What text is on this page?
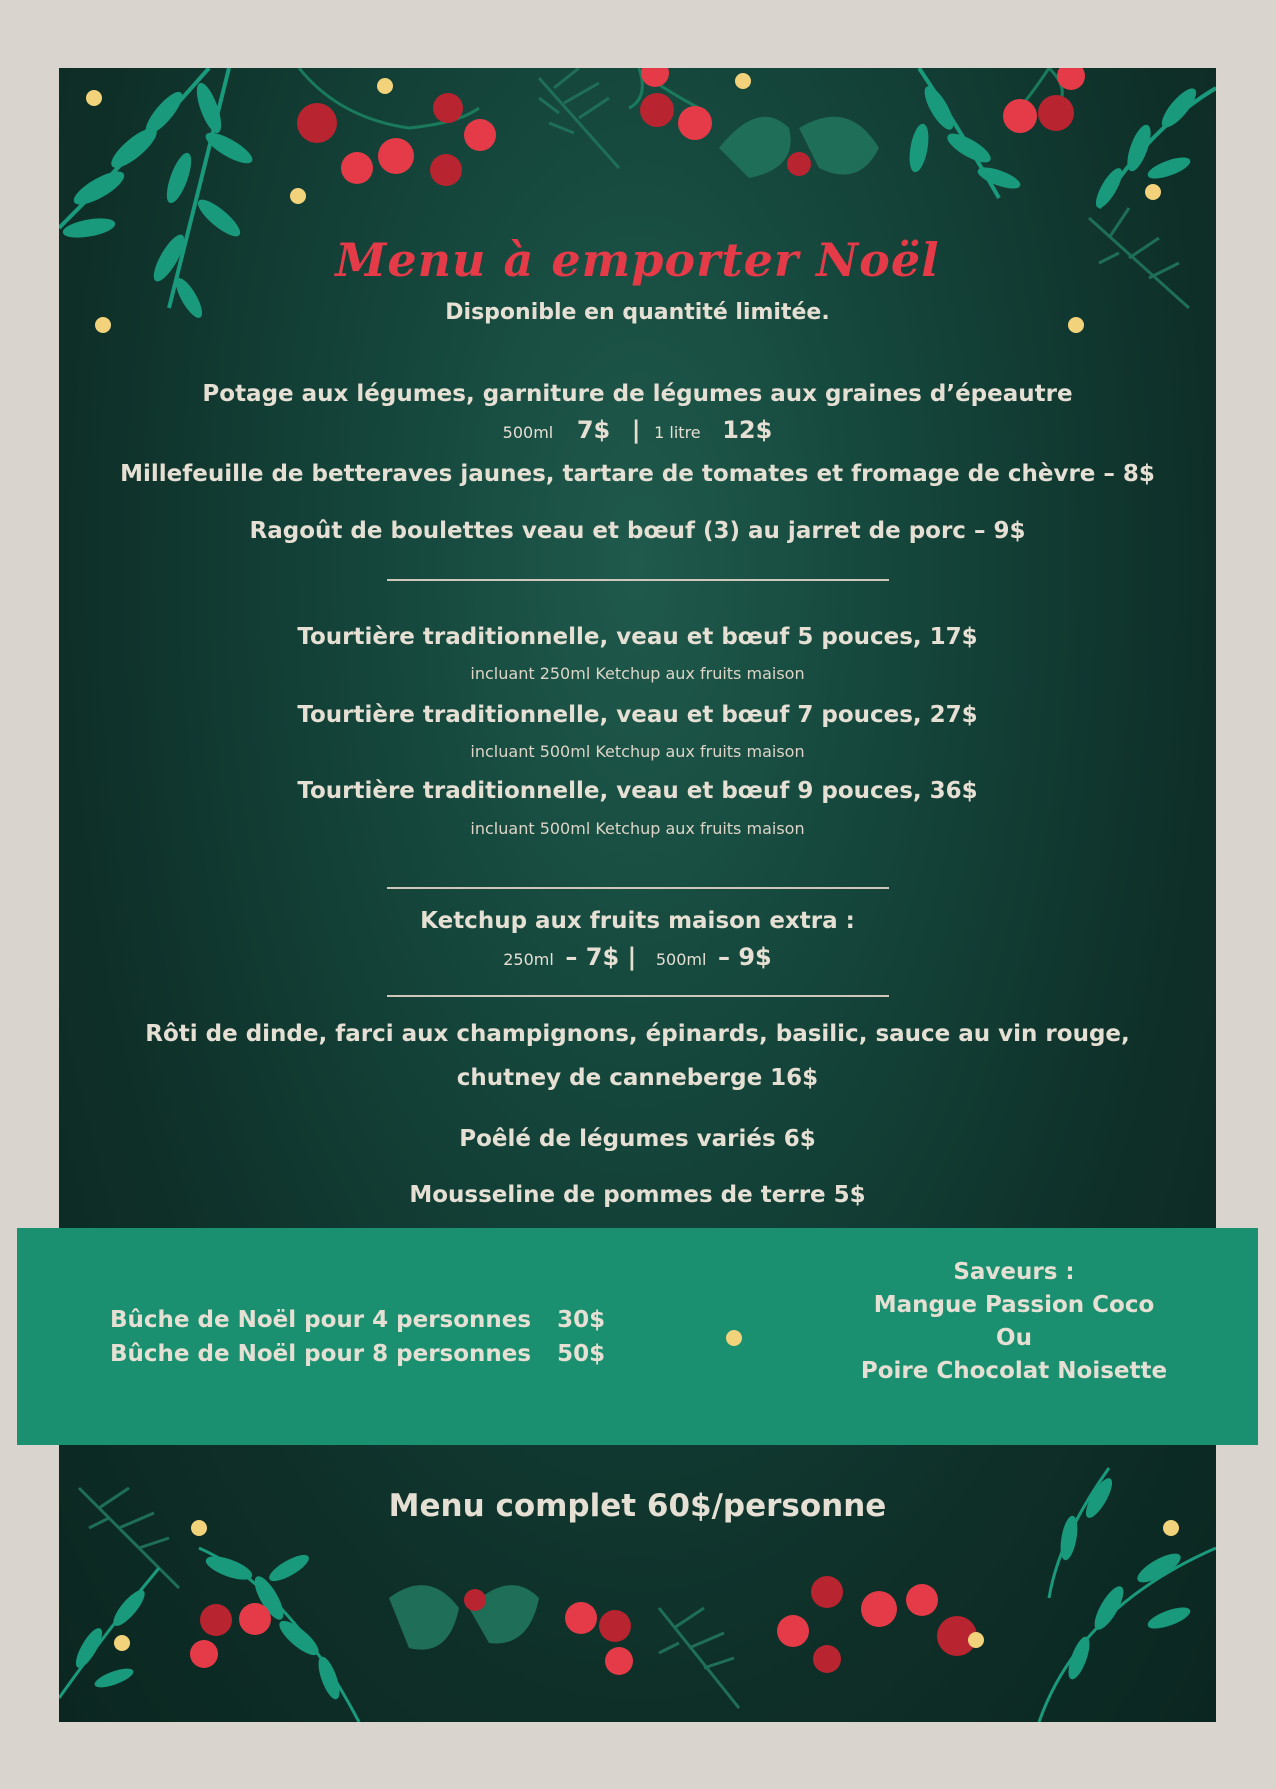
Menu à emporter Noël
Disponible en quantité limitée.
Potage aux légumes, garniture de légumes aux graines d’épeautre
500ml 7$ | 1 litre 12$
Millefeuille de betteraves jaunes, tartare de tomates et fromage de chèvre – 8$
Ragoût de boulettes veau et bœuf (3) au jarret de porc – 9$
Tourtière traditionnelle, veau et bœuf 5 pouces, 17$
incluant 250ml Ketchup aux fruits maison
Tourtière traditionnelle, veau et bœuf 7 pouces, 27$
incluant 500ml Ketchup aux fruits maison
Tourtière traditionnelle, veau et bœuf 9 pouces, 36$
incluant 500ml Ketchup aux fruits maison
Ketchup aux fruits maison extra :
250ml – 7$ | 500ml – 9$
Rôti de dinde, farci aux champignons, épinards, basilic, sauce au vin rouge,
chutney de canneberge 16$
Poêlé de légumes variés 6$
Mousseline de pommes de terre 5$
Menu complet 60$/personne
Bûche de Noël pour 4 personnes 30$
Bûche de Noël pour 8 personnes 50$
Saveurs :
Mangue Passion Coco
Ou
Poire Chocolat Noisette
